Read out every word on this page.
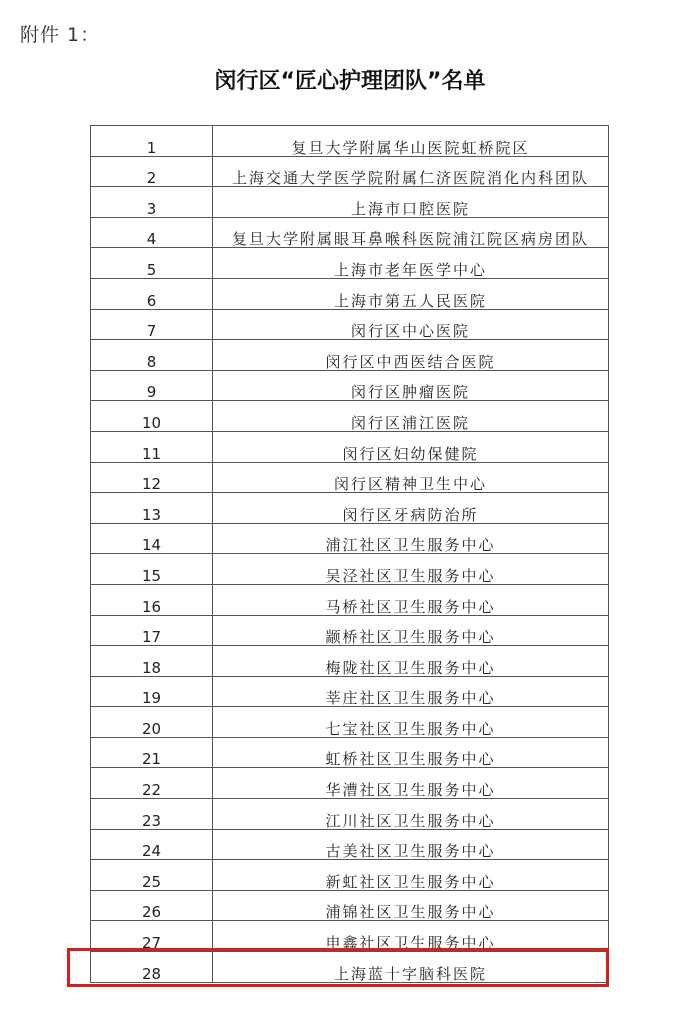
附件 1：
闵行区“匠心护理团队”名单
1	复旦大学附属华山医院虹桥院区
2	上海交通大学医学院附属仁济医院消化内科团队
3	上海市口腔医院
4	复旦大学附属眼耳鼻喉科医院浦江院区病房团队
5	上海市老年医学中心
6	上海市第五人民医院
7	闵行区中心医院
8	闵行区中西医结合医院
9	闵行区肿瘤医院
10	闵行区浦江医院
11	闵行区妇幼保健院
12	闵行区精神卫生中心
13	闵行区牙病防治所
14	浦江社区卫生服务中心
15	吴泾社区卫生服务中心
16	马桥社区卫生服务中心
17	颛桥社区卫生服务中心
18	梅陇社区卫生服务中心
19	莘庄社区卫生服务中心
20	七宝社区卫生服务中心
21	虹桥社区卫生服务中心
22	华漕社区卫生服务中心
23	江川社区卫生服务中心
24	古美社区卫生服务中心
25	新虹社区卫生服务中心
26	浦锦社区卫生服务中心
27	申鑫社区卫生服务中心
28	上海蓝十字脑科医院
